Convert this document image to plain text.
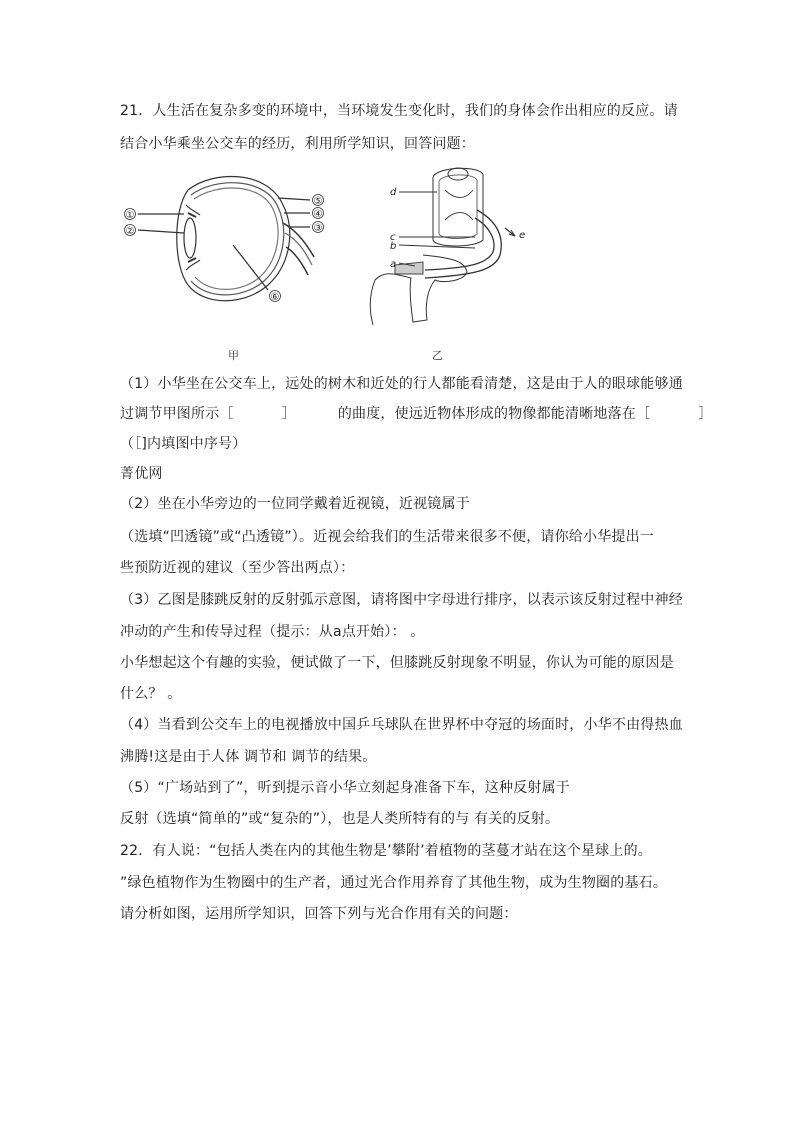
21．人生活在复杂多变的环境中，当环境发生变化时，我们的身体会作出相应的反应。请
结合小华乘坐公交车的经历，利用所学知识，回答问题：
①
②	③
④
⑤
⑥
甲
d
c
b
a
e
乙
（1）小华坐在公交车上，远处的树木和近处的行人都能看清楚，这是由于人的眼球能够通
过调节甲图所示［	］	的曲度，使远近物体形成的物像都能清晰地落在［	］
（［]内填图中序号）
菁优网
（2）坐在小华旁边的一位同学戴着近视镜，近视镜属于
（选填“凹透镜”或“凸透镜”）。近视会给我们的生活带来很多不便，请你给小华提出一
些预防近视的建议（至少答出两点）：
（3）乙图是膝跳反射的反射弧示意图，请将图中字母进行排序，以表示该反射过程中神经
冲动的产生和传导过程（提示：从a点开始）： 。
小华想起这个有趣的实验，便试做了一下，但膝跳反射现象不明显，你认为可能的原因是
什么？ 。
（4）当看到公交车上的电视播放中国乒乓球队在世界杯中夺冠的场面时，小华不由得热血
沸腾!这是由于人体 调节和 调节的结果。
（5）“广场站到了”，听到提示音小华立刻起身准备下车，这种反射属于
反射（选填“简单的”或“复杂的”），也是人类所特有的与 有关的反射。
22．有人说：“包括人类在内的其他生物是’攀附’着植物的茎蔓才站在这个星球上的。
”绿色植物作为生物圈中的生产者，通过光合作用养育了其他生物，成为生物圈的基石。
请分析如图，运用所学知识，回答下列与光合作用有关的问题：
